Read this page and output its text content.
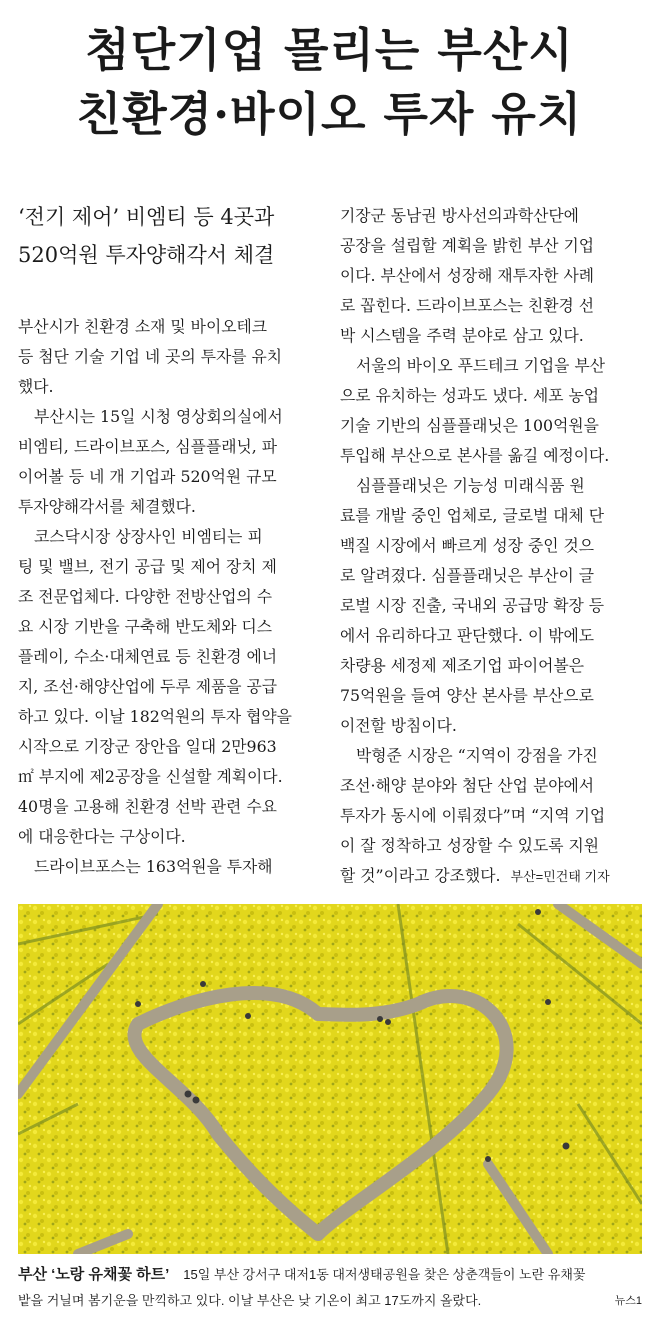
첨단기업 몰리는 부산시
친환경·바이오 투자 유치
‘전기 제어’ 비엠티 등 4곳과
520억원 투자양해각서 체결

부산시가 친환경 소재 및 바이오테크

등 첨단 기술 기업 네 곳의 투자를 유치

했다.

부산시는 15일 시청 영상회의실에서

비엠티, 드라이브포스, 심플플래닛, 파

이어볼 등 네 개 기업과 520억원 규모

투자양해각서를 체결했다.

코스닥시장 상장사인 비엠티는 피

팅 및 밸브, 전기 공급 및 제어 장치 제

조 전문업체다. 다양한 전방산업의 수

요 시장 기반을 구축해 반도체와 디스

플레이, 수소·대체연료 등 친환경 에너

지, 조선·해양산업에 두루 제품을 공급

하고 있다. 이날 182억원의 투자 협약을

시작으로 기장군 장안읍 일대 2만963

㎡ 부지에 제2공장을 신설할 계획이다.

40명을 고용해 친환경 선박 관련 수요

에 대응한다는 구상이다.

드라이브포스는 163억원을 투자해

기장군 동남권 방사선의과학산단에

공장을 설립할 계획을 밝힌 부산 기업

이다. 부산에서 성장해 재투자한 사례

로 꼽힌다. 드라이브포스는 친환경 선

박 시스템을 주력 분야로 삼고 있다.

서울의 바이오 푸드테크 기업을 부산

으로 유치하는 성과도 냈다. 세포 농업

기술 기반의 심플플래닛은 100억원을

투입해 부산으로 본사를 옮길 예정이다.

심플플래닛은 기능성 미래식품 원

료를 개발 중인 업체로, 글로벌 대체 단

백질 시장에서 빠르게 성장 중인 것으

로 알려졌다. 심플플래닛은 부산이 글

로벌 시장 진출, 국내외 공급망 확장 등

에서 유리하다고 판단했다. 이 밖에도

차량용 세정제 제조기업 파이어볼은

75억원을 들여 양산 본사를 부산으로

이전할 방침이다.

박형준 시장은 “지역이 강점을 가진

조선·해양 분야와 첨단 산업 분야에서

투자가 동시에 이뤄졌다”며 “지역 기업

이 잘 정착하고 성장할 수 있도록 지원

할 것”이라고 강조했다. 부산=민건태 기자

부산 ‘노랑 유채꽃 하트’ 15일 부산 강서구 대저1동 대저생태공원을 찾은 상춘객들이 노란 유채꽃
밭을 거닐며 봄기운을 만끽하고 있다. 이날 부산은 낮 기온이 최고 17도까지 올랐다.	뉴스1
